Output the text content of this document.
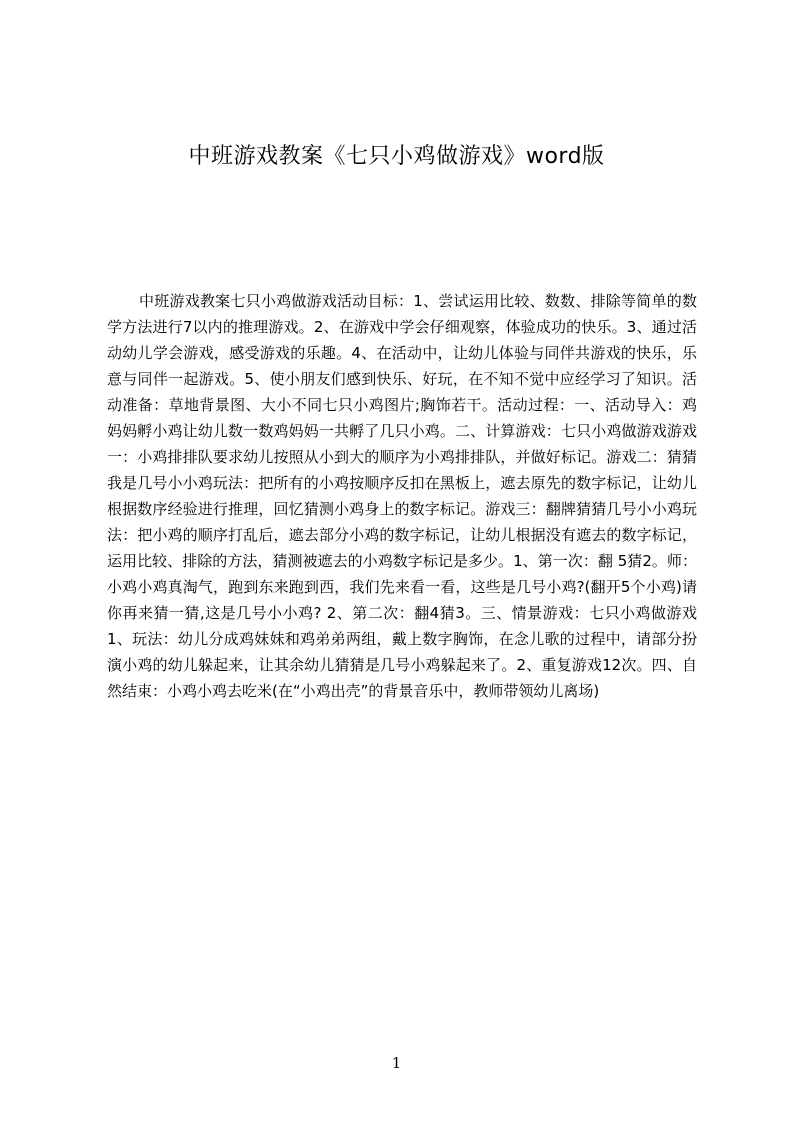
中班游戏教案《七只小鸡做游戏》word版

中班游戏教案七只小鸡做游戏活动目标：1、尝试运用比较、数数、排除等简单的数学方法进行7以内的推理游戏。2、在游戏中学会仔细观察，体验成功的快乐。3、通过活动幼儿学会游戏，感受游戏的乐趣。4、在活动中，让幼儿体验与同伴共游戏的快乐，乐意与同伴一起游戏。5、使小朋友们感到快乐、好玩，在不知不觉中应经学习了知识。活动准备：草地背景图、大小不同七只小鸡图片;胸饰若干。活动过程：一、活动导入：鸡妈妈孵小鸡让幼儿数一数鸡妈妈一共孵了几只小鸡。二、计算游戏：七只小鸡做游戏游戏一：小鸡排排队要求幼儿按照从小到大的顺序为小鸡排排队，并做好标记。游戏二：猜猜我是几号小小鸡玩法：把所有的小鸡按顺序反扣在黑板上，遮去原先的数字标记，让幼儿根据数序经验进行推理，回忆猜测小鸡身上的数字标记。游戏三：翻牌猜猜几号小小鸡玩法：把小鸡的顺序打乱后，遮去部分小鸡的数字标记，让幼儿根据没有遮去的数字标记，运用比较、排除的方法，猜测被遮去的小鸡数字标记是多少。1、第一次：翻 5猜2。师：小鸡小鸡真淘气，跑到东来跑到西，我们先来看一看，这些是几号小鸡?(翻开5个小鸡)请你再来猜一猜,这是几号小小鸡? 2、第二次：翻4猜3。三、情景游戏：七只小鸡做游戏1、玩法：幼儿分成鸡妹妹和鸡弟弟两组，戴上数字胸饰，在念儿歌的过程中，请部分扮演小鸡的幼儿躲起来，让其余幼儿猜猜是几号小鸡躲起来了。2、重复游戏12次。四、自然结束：小鸡小鸡去吃米(在“小鸡出壳”的背景音乐中，教师带领幼儿离场)

1
